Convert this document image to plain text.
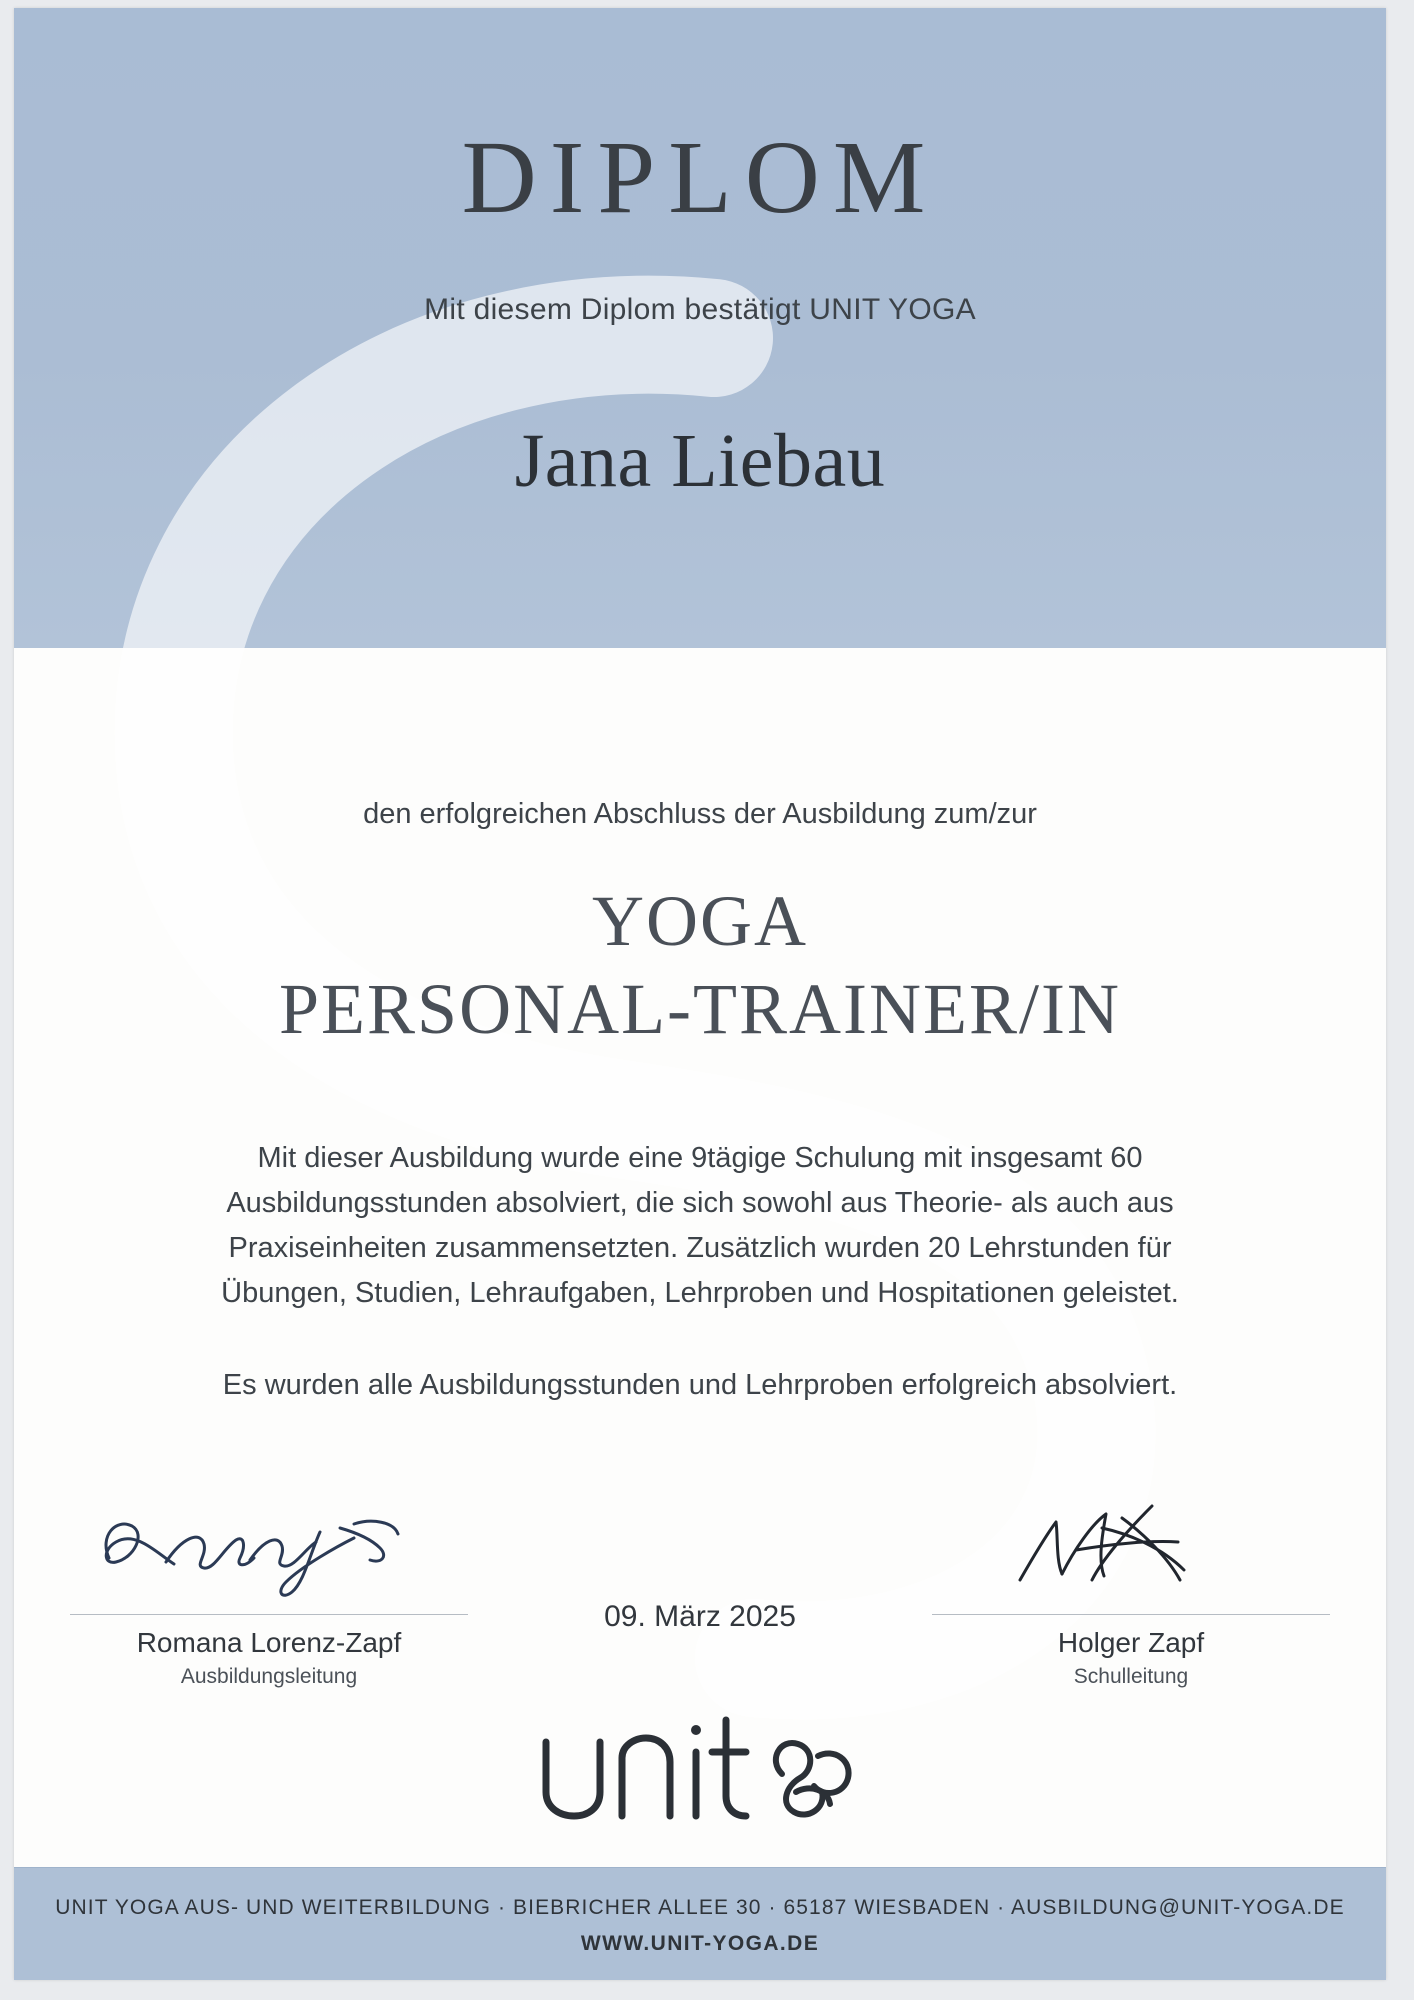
DIPLOM
Mit diesem Diplom bestätigt UNIT YOGA
Jana Liebau
den erfolgreichen Abschluss der Ausbildung zum/zur
YOGA
PERSONAL-TRAINER/IN
Mit dieser Ausbildung wurde eine 9tägige Schulung mit insgesamt 60 Ausbildungsstunden absolviert, die sich sowohl aus Theorie- als auch aus Praxiseinheiten zusammensetzten. Zusätzlich wurden 20 Lehrstunden für Übungen, Studien, Lehraufgaben, Lehrproben und Hospitationen geleistet.
Es wurden alle Ausbildungsstunden und Lehrproben erfolgreich absolviert.
Romana Lorenz-Zapf
Ausbildungsleitung
Holger Zapf
Schulleitung
09. März 2025
UNIT YOGA AUS- UND WEITERBILDUNG · BIEBRICHER ALLEE 30 · 65187 WIESBADEN · AUSBILDUNG@UNIT-YOGA.DE
WWW.UNIT-YOGA.DE
